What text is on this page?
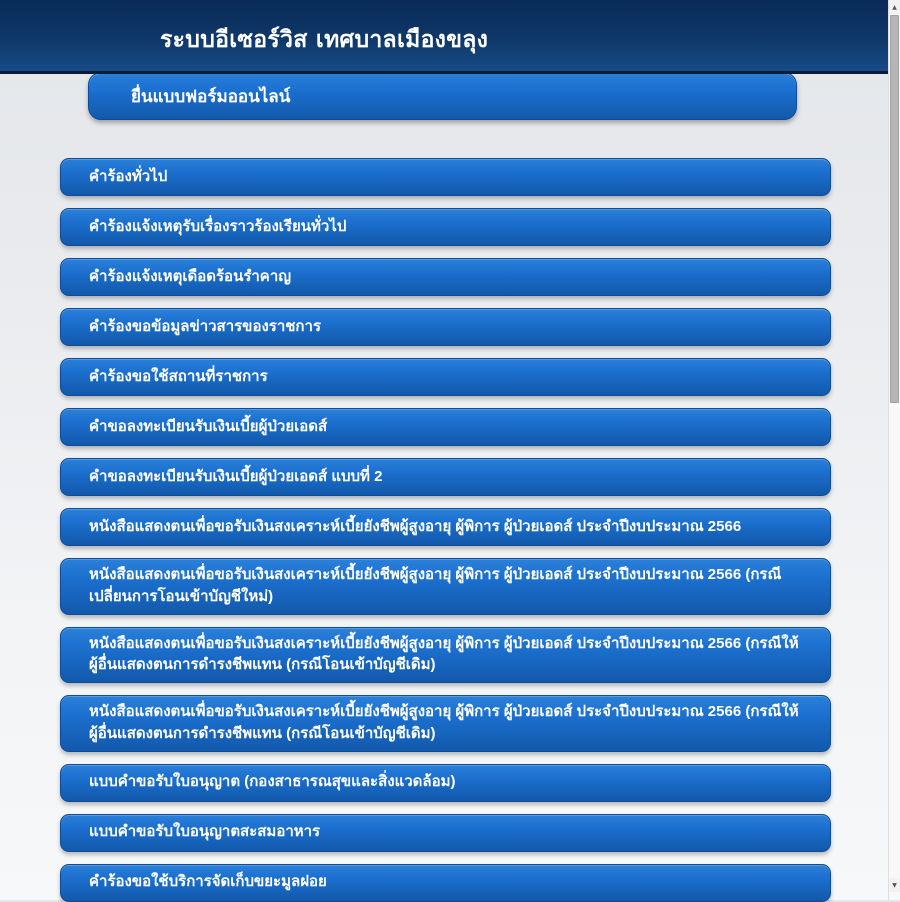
ระบบอีเซอร์วิส เทศบาลเมืองขลุง
ยื่นแบบฟอร์มออนไลน์
คำร้องทั่วไป
คำร้องแจ้งเหตุรับเรื่องราวร้องเรียนทั่วไป
คำร้องแจ้งเหตุเดือดร้อนรำคาญ
คำร้องขอข้อมูลข่าวสารของราชการ
คำร้องขอใช้สถานที่ราชการ
คำขอลงทะเบียนรับเงินเบี้ยผู้ป่วยเอดส์
คำขอลงทะเบียนรับเงินเบี้ยผู้ป่วยเอดส์ แบบที่ 2
หนังสือแสดงตนเพื่อขอรับเงินสงเคราะห์เบี้ยยังชีพผู้สูงอายุ ผู้พิการ ผู้ป่วยเอดส์ ประจำปีงบประมาณ 2566
หนังสือแสดงตนเพื่อขอรับเงินสงเคราะห์เบี้ยยังชีพผู้สูงอายุ ผู้พิการ ผู้ป่วยเอดส์ ประจำปีงบประมาณ 2566 (กรณีเปลี่ยนการโอนเข้าบัญชีใหม่)
หนังสือแสดงตนเพื่อขอรับเงินสงเคราะห์เบี้ยยังชีพผู้สูงอายุ ผู้พิการ ผู้ป่วยเอดส์ ประจำปีงบประมาณ 2566 (กรณีให้ผู้อื่นแสดงตนการดำรงชีพแทน (กรณีโอนเข้าบัญชีเดิม)
หนังสือแสดงตนเพื่อขอรับเงินสงเคราะห์เบี้ยยังชีพผู้สูงอายุ ผู้พิการ ผู้ป่วยเอดส์ ประจำปีงบประมาณ 2566 (กรณีให้ผู้อื่นแสดงตนการดำรงชีพแทน (กรณีโอนเข้าบัญชีเดิม)
แบบคำขอรับใบอนุญาต (กองสาธารณสุขและสิ่งแวดล้อม)
แบบคำขอรับใบอนุญาตสะสมอาหาร
คำร้องขอใช้บริการจัดเก็บขยะมูลฝอย
▲
▼
